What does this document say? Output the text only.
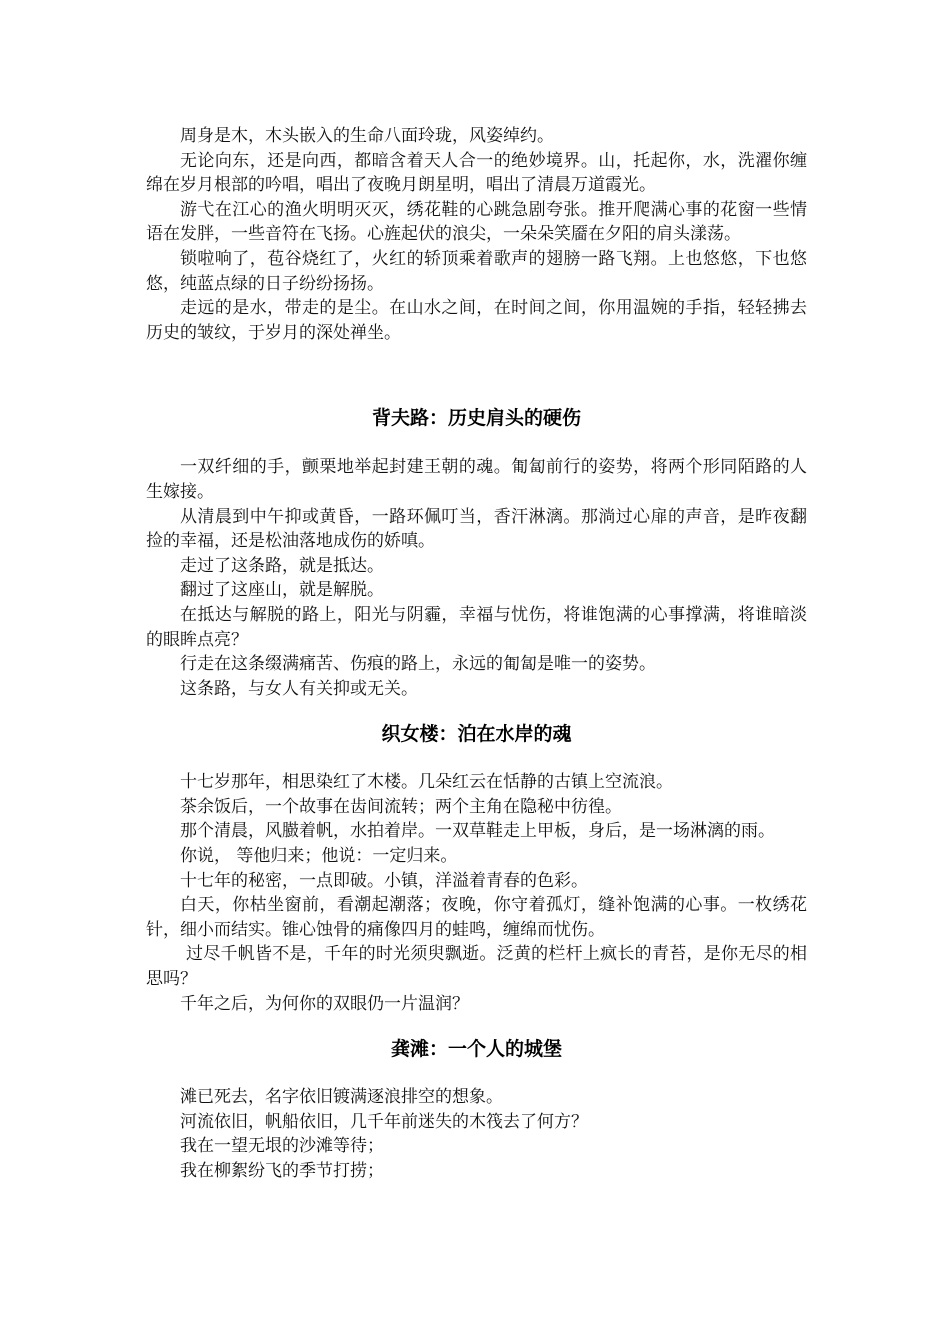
周身是木，木头嵌入的生命八面玲珑，风姿绰约。

无论向东，还是向西，都暗含着天人合一的绝妙境界。山，托起你，水，洗濯你缠绵在岁月根部的吟唱，唱出了夜晚月朗星明，唱出了清晨万道霞光。

游弋在江心的渔火明明灭灭，绣花鞋的心跳急剧夸张。推开爬满心事的花窗一些情语在发胖，一些音符在飞扬。心旌起伏的浪尖，一朵朵笑靥在夕阳的肩头漾荡。

锁啦响了，苞谷烧红了，火红的轿顶乘着歌声的翅膀一路飞翔。上也悠悠，下也悠悠，纯蓝点绿的日子纷纷扬扬。

走远的是水，带走的是尘。在山水之间，在时间之间，你用温婉的手指，轻轻拂去历史的皱纹，于岁月的深处禅坐。

背夫路：历史肩头的硬伤

一双纤细的手，颤栗地举起封建王朝的魂。匍匐前行的姿势，将两个形同陌路的人生嫁接。

从清晨到中午抑或黄昏，一路环佩叮当，香汗淋漓。那淌过心扉的声音，是昨夜翻捡的幸福，还是松油落地成伤的娇嗔。

走过了这条路，就是抵达。

翻过了这座山，就是解脱。

在抵达与解脱的路上，阳光与阴霾，幸福与忧伤，将谁饱满的心事撑满，将谁暗淡的眼眸点亮？

行走在这条缀满痛苦、伤痕的路上，永远的匍匐是唯一的姿势。

这条路，与女人有关抑或无关。

织女楼：泊在水岸的魂

十七岁那年，相思染红了木楼。几朵红云在恬静的古镇上空流浪。

茶余饭后，一个故事在齿间流转；两个主角在隐秘中彷徨。

那个清晨，风臌着帆，水拍着岸。一双草鞋走上甲板，身后，是一场淋漓的雨。

你说， 等他归来；他说：一定归来。

十七年的秘密，一点即破。小镇，洋溢着青春的色彩。

白天，你枯坐窗前，看潮起潮落；夜晚，你守着孤灯，缝补饱满的心事。一枚绣花针，细小而结实。锥心蚀骨的痛像四月的蛙鸣，缠绵而忧伤。

过尽千帆皆不是，千年的时光须臾飘逝。泛黄的栏杆上疯长的青苔，是你无尽的相思吗？

千年之后，为何你的双眼仍一片温润？

龚滩：一个人的城堡

滩已死去，名字依旧镀满逐浪排空的想象。

河流依旧，帆船依旧，几千年前迷失的木筏去了何方？

我在一望无垠的沙滩等待；

我在柳絮纷飞的季节打捞；
